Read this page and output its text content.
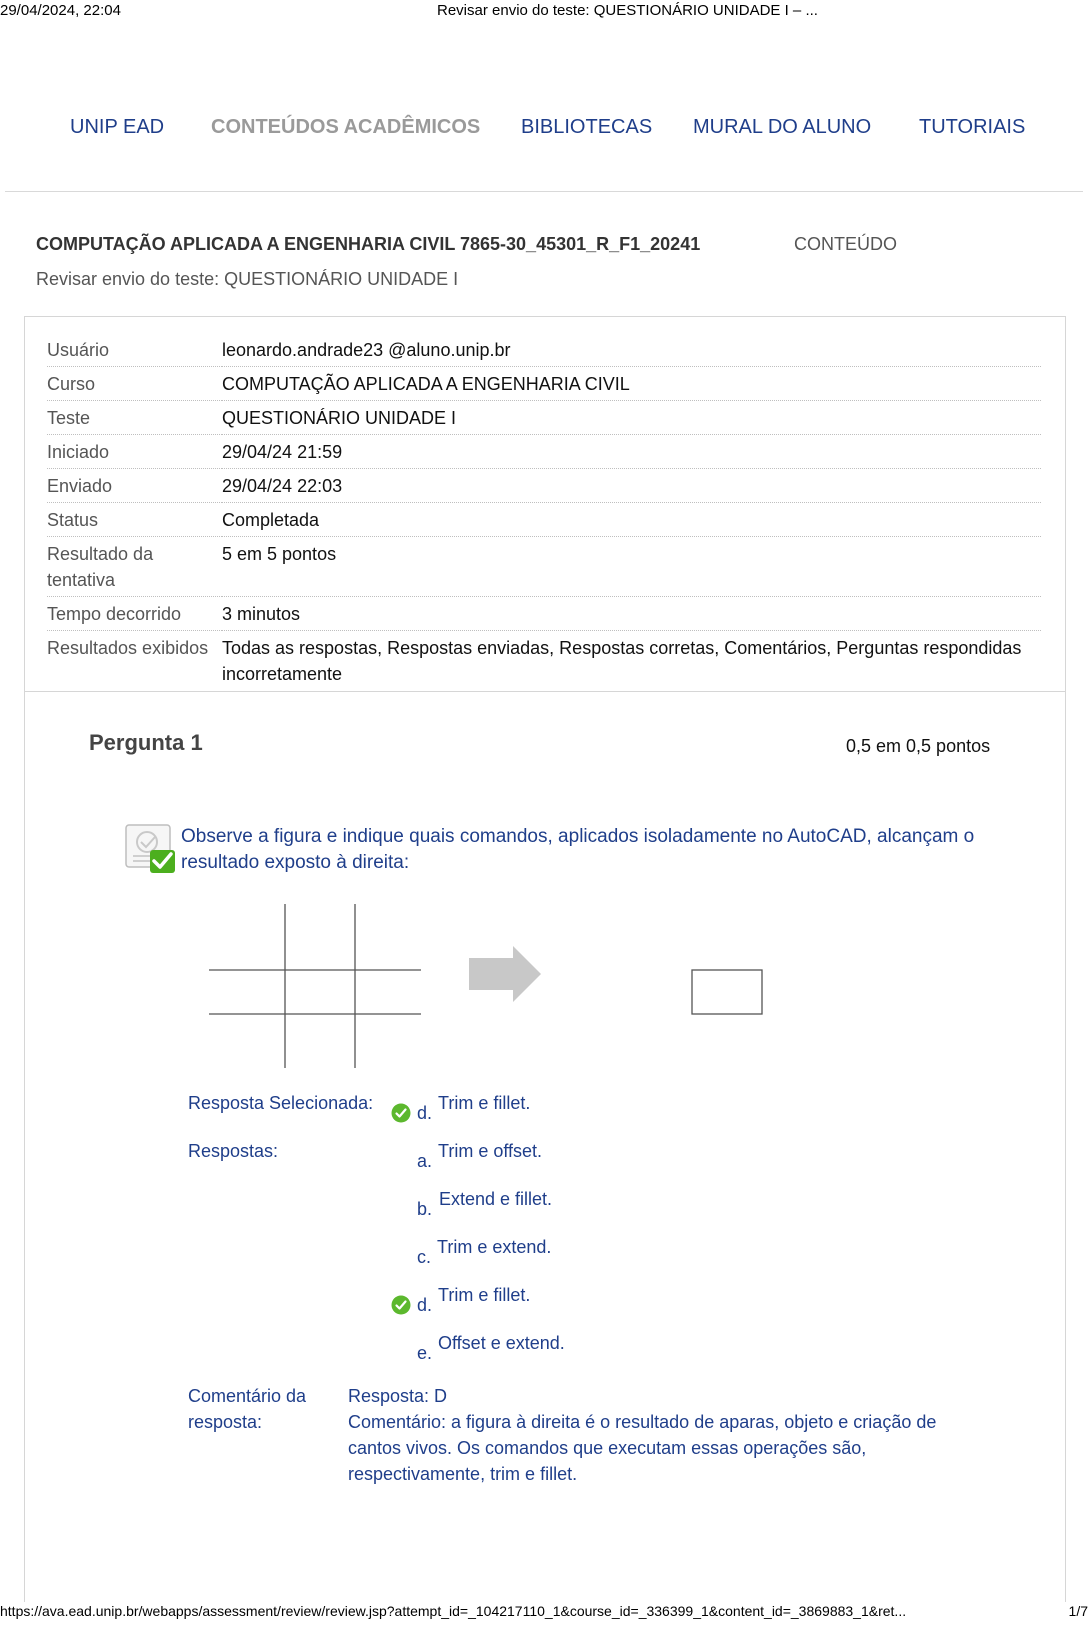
29/04/2024, 22:04	Revisar envio do teste: QUESTIONÁRIO UNIDADE I – ...
UNIP EAD CONTEÚDOS ACADÊMICOS BIBLIOTECAS MURAL DO ALUNO TUTORIAIS
COMPUTAÇÃO APLICADA A ENGENHARIA CIVIL 7865-30_45301_R_F1_20241	CONTEÚDO
Revisar envio do teste: QUESTIONÁRIO UNIDADE I
Usuário	leonardo.andrade23 @aluno.unip.br
Curso	COMPUTAÇÃO APLICADA A ENGENHARIA CIVIL
Teste	QUESTIONÁRIO UNIDADE I
Iniciado	29/04/24 21:59
Enviado	29/04/24 22:03
Status	Completada
Resultado da tentativa	5 em 5 pontos
Tempo decorrido	3 minutos
Resultados exibidos	Todas as respostas, Respostas enviadas, Respostas corretas, Comentários, Perguntas respondidas incorretamente
Pergunta 1	0,5 em 0,5 pontos
Observe a figura e indique quais comandos, aplicados isoladamente no AutoCAD, alcançam o resultado exposto à direita:
Resposta Selecionada: d. Trim e fillet.
Respostas:	a. Trim e offset.
b. Extend e fillet.
c. Trim e extend.
d. Trim e fillet.
e. Offset e extend.
Comentário da resposta:
Resposta: D
Comentário: a figura à direita é o resultado de aparas, objeto e criação de cantos vivos. Os comandos que executam essas operações são, respectivamente, trim e fillet.
https://ava.ead.unip.br/webapps/assessment/review/review.jsp?attempt_id=_104217110_1&course_id=_336399_1&content_id=_3869883_1&ret...	1/7
